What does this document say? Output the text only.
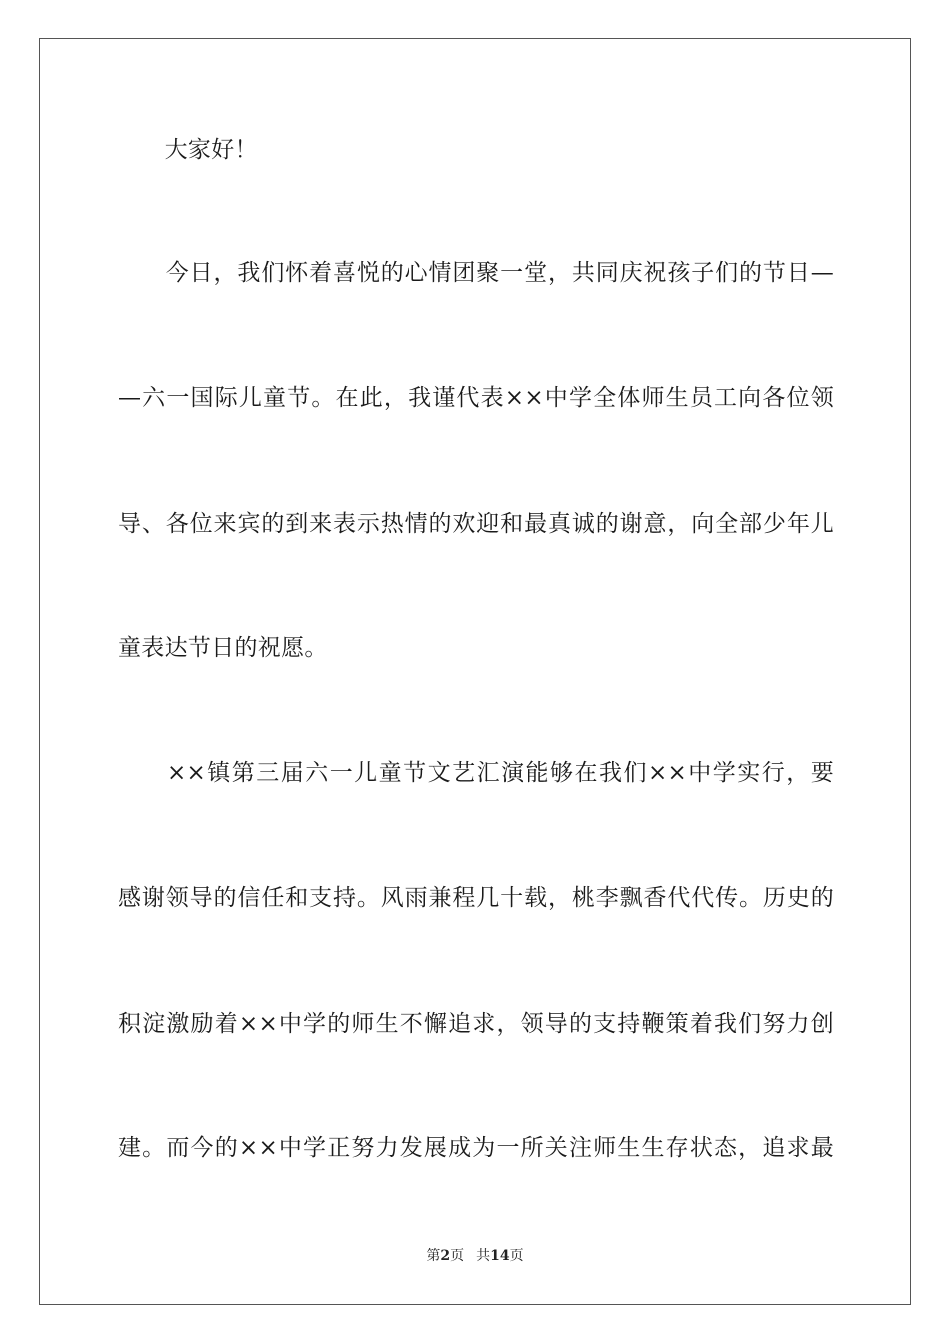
　　大家好！
　　今日，我们怀着喜悦的心情团聚一堂，共同庆祝孩子们的节日—
—六一国际儿童节。在此，我谨代表××中学全体师生员工向各位领
导、各位来宾的到来表示热情的欢迎和最真诚的谢意，向全部少年儿
童表达节日的祝愿。
　　××镇第三届六一儿童节文艺汇演能够在我们××中学实行，要
感谢领导的信任和支持。风雨兼程几十载，桃李飘香代代传。历史的
积淀激励着××中学的师生不懈追求，领导的支持鞭策着我们努力创
建。而今的××中学正努力发展成为一所关注师生生存状态，追求最
第2页 共14页
